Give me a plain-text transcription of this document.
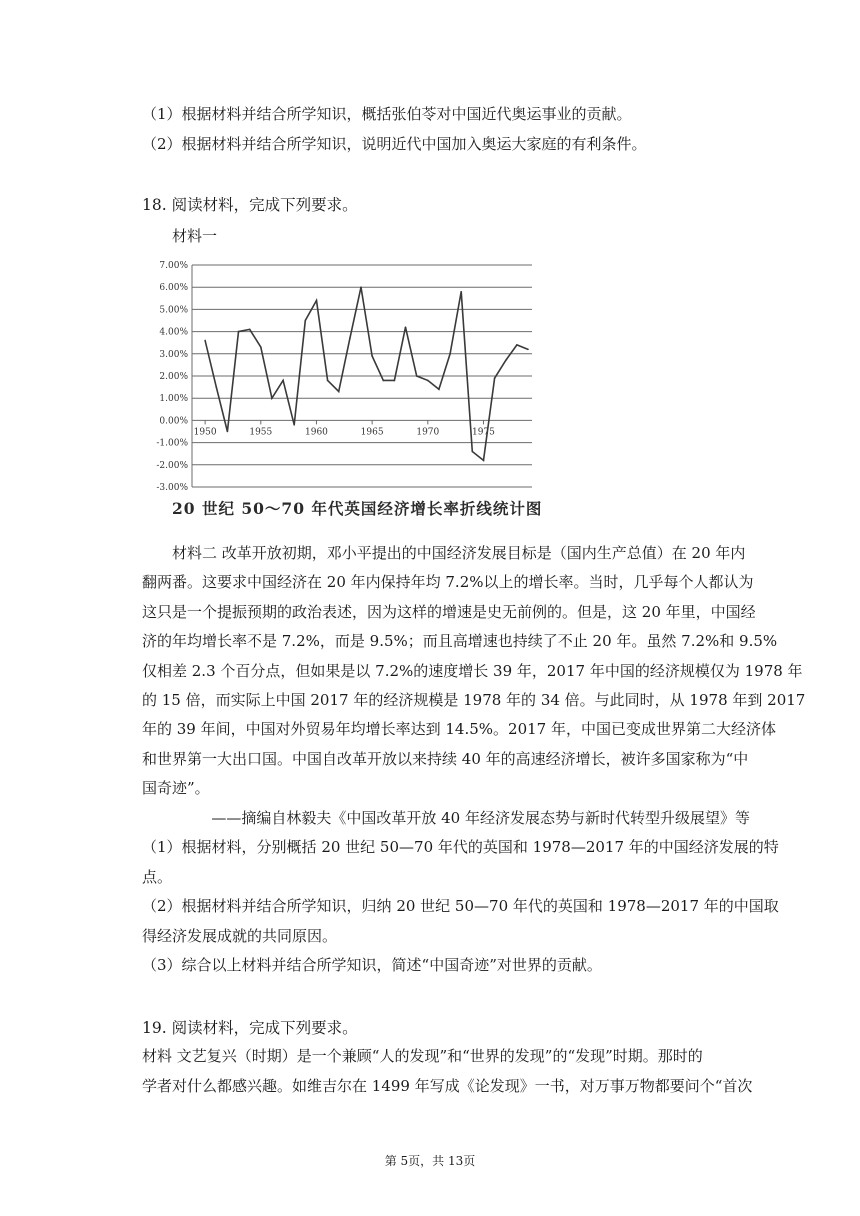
（1）根据材料并结合所学知识，概括张伯苓对中国近代奥运事业的贡献。
（2）根据材料并结合所学知识，说明近代中国加入奥运大家庭的有利条件。
18. 阅读材料，完成下列要求。
材料一
7.00%
6.00%
5.00%
4.00%
3.00%
2.00%
1.00%
0.00%
-1.00%
-2.00%
-3.00%
1950	1955	1960	1965	1970	1975
20 世纪 50～70 年代英国经济增长率折线统计图
材料二 改革开放初期，邓小平提出的中国经济发展目标是（国内生产总值）在 20 年内
翻两番。这要求中国经济在 20 年内保持年均 7.2%以上的增长率。当时，几乎每个人都认为
这只是一个提振预期的政治表述，因为这样的增速是史无前例的。但是，这 20 年里，中国经
济的年均增长率不是 7.2%，而是 9.5%；而且高增速也持续了不止 20 年。虽然 7.2%和 9.5%
仅相差 2.3 个百分点，但如果是以 7.2%的速度增长 39 年，2017 年中国的经济规模仅为 1978 年
的 15 倍，而实际上中国 2017 年的经济规模是 1978 年的 34 倍。与此同时，从 1978 年到 2017
年的 39 年间，中国对外贸易年均增长率达到 14.5%。2017 年，中国已变成世界第二大经济体
和世界第一大出口国。中国自改革开放以来持续 40 年的高速经济增长，被许多国家称为“中
国奇迹”。
——摘编自林毅夫《中国改革开放 40 年经济发展态势与新时代转型升级展望》等
（1）根据材料，分别概括 20 世纪 50—70 年代的英国和 1978—2017 年的中国经济发展的特
点。
（2）根据材料并结合所学知识，归纳 20 世纪 50—70 年代的英国和 1978—2017 年的中国取
得经济发展成就的共同原因。
（3）综合以上材料并结合所学知识，简述“中国奇迹”对世界的贡献。
19. 阅读材料，完成下列要求。
材料 文艺复兴（时期）是一个兼顾“人的发现”和“世界的发现”的“发现”时期。那时的
学者对什么都感兴趣。如维吉尔在 1499 年写成《论发现》一书，对万事万物都要问个“首次
第 5页，共 13页
